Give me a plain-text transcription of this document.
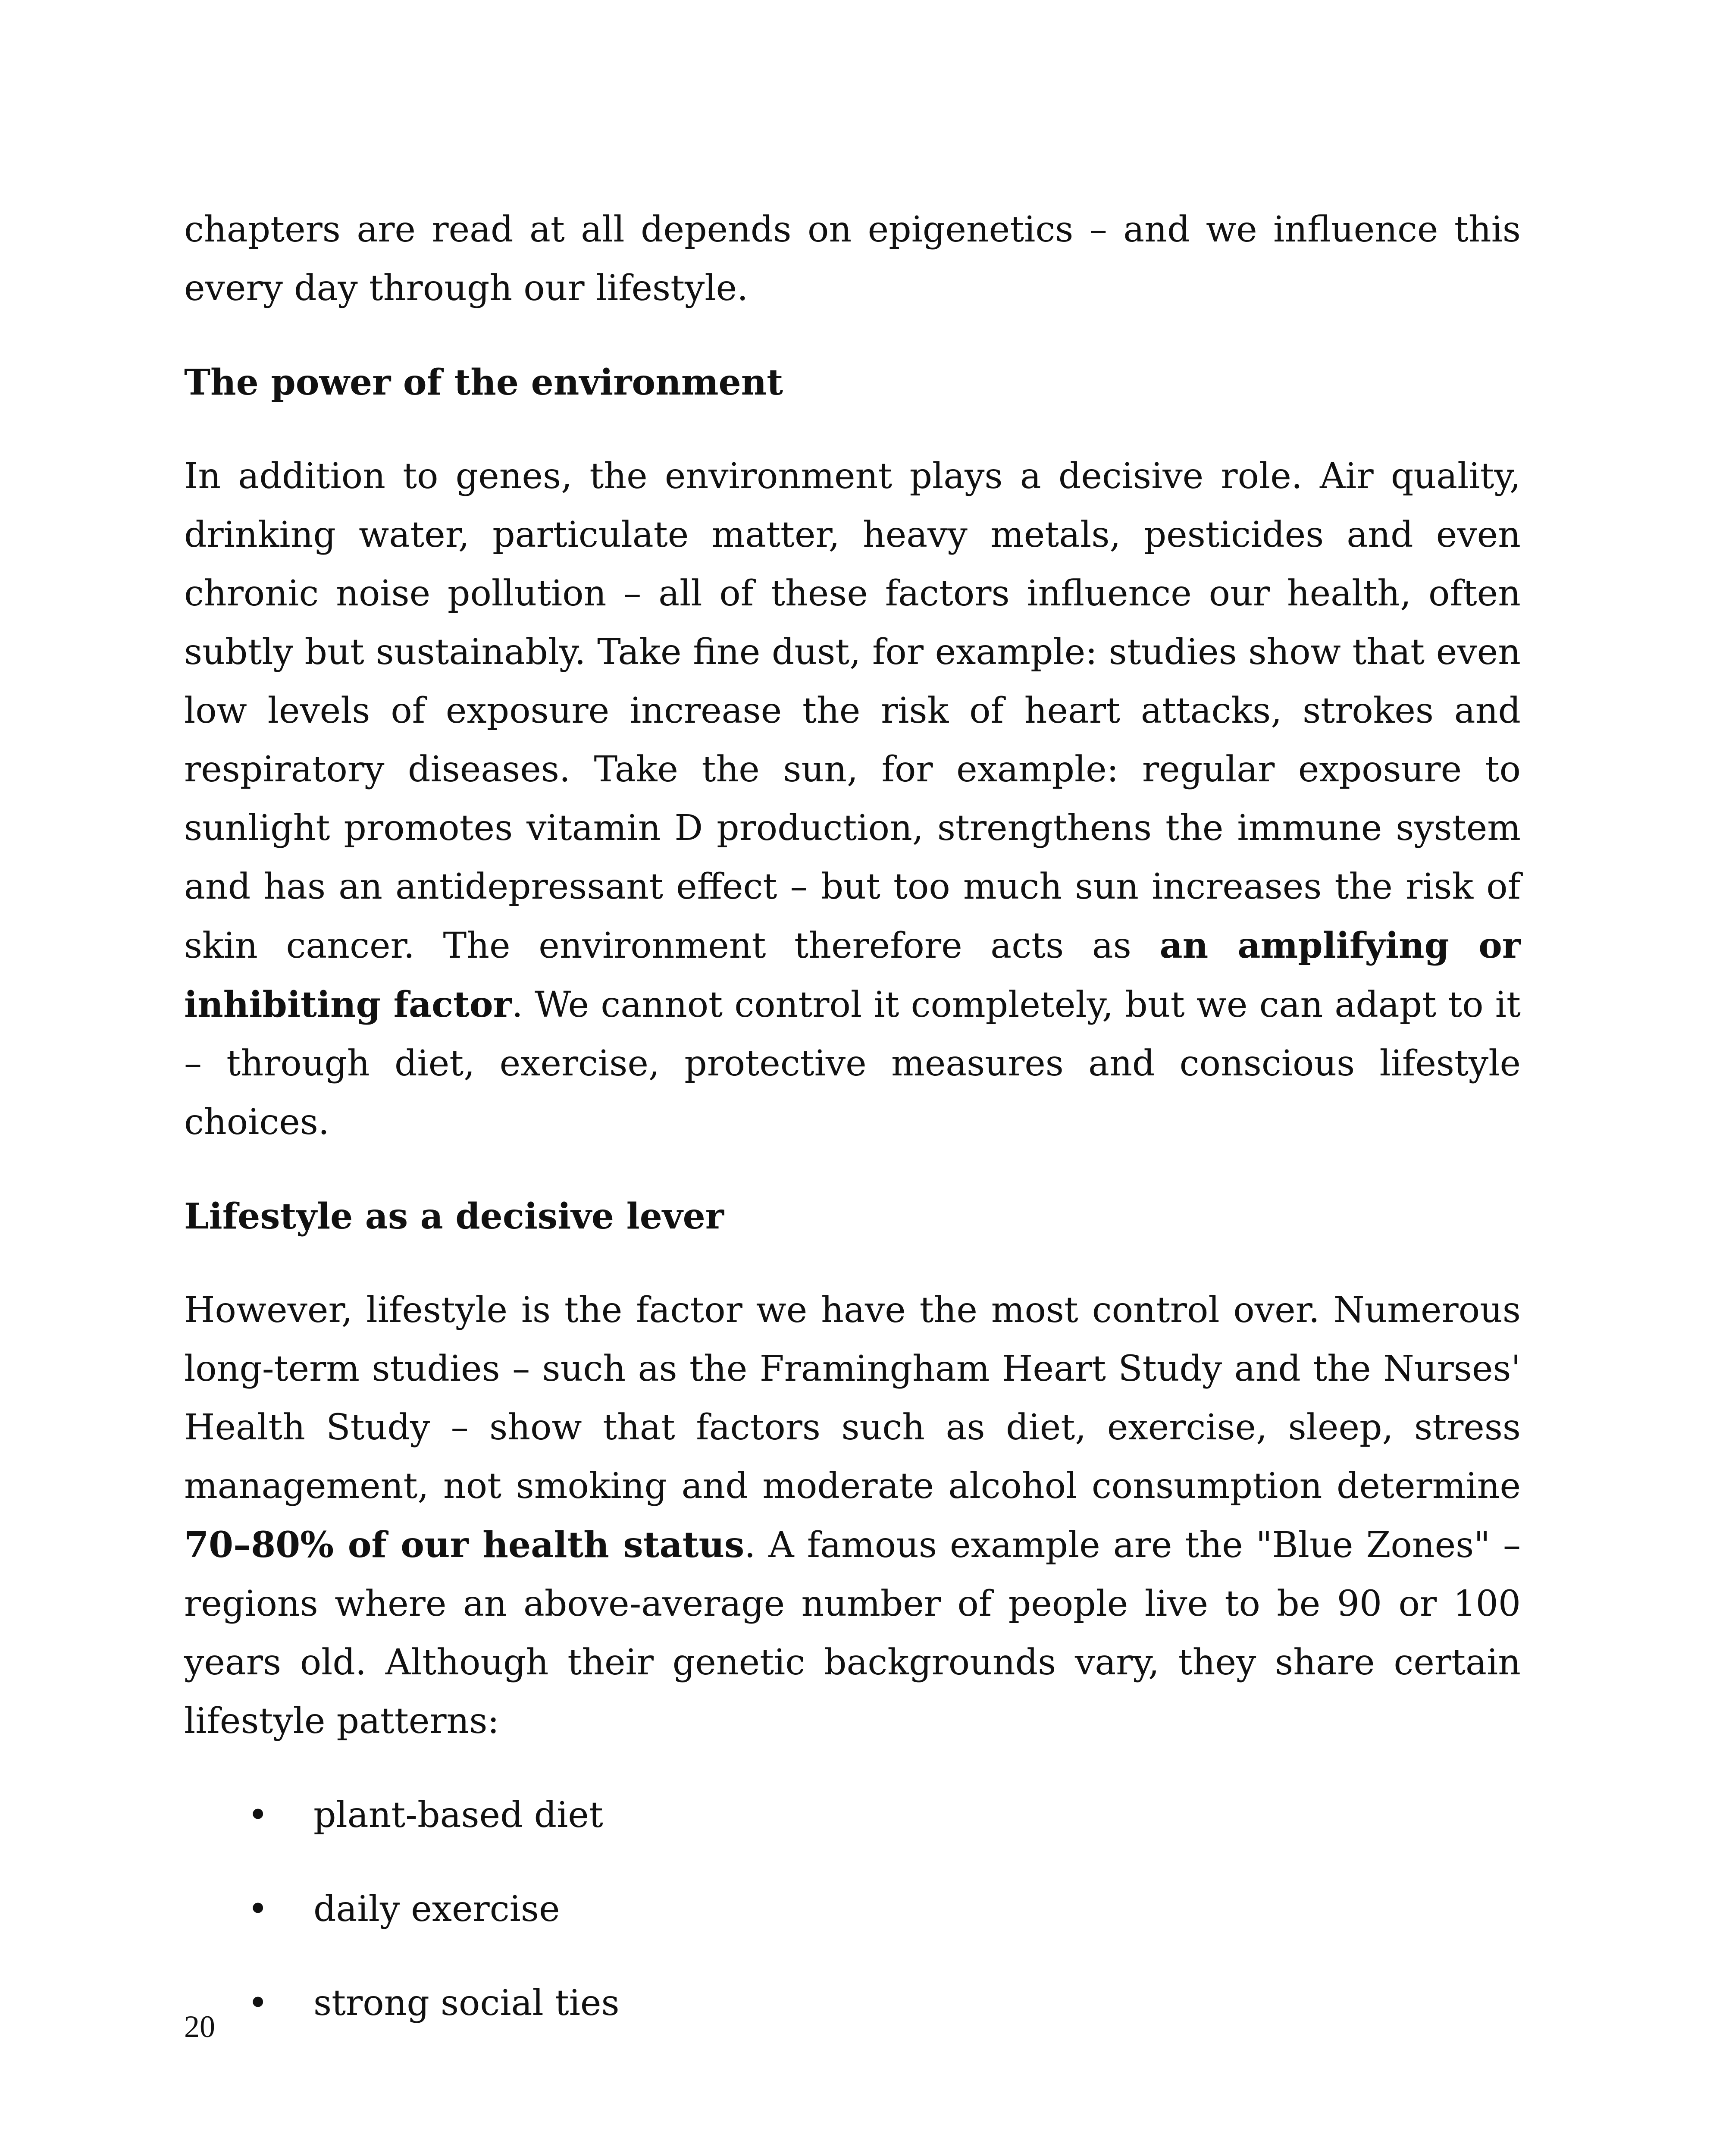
chapters are read at all depends on epigenetics – and we influence this every day through our lifestyle.

The power of the environment

In addition to genes, the environment plays a decisive role. Air quality, drinking water, particulate matter, heavy metals, pesticides and even chronic noise pollution – all of these factors influence our health, often subtly but sustainably. Take fine dust, for example: studies show that even low levels of exposure increase the risk of heart attacks, strokes and respiratory diseases. Take the sun, for example: regular exposure to sunlight promotes vitamin D production, strengthens the immune system and has an antidepressant effect – but too much sun increases the risk of skin cancer. The environment therefore acts as an amplifying or inhibiting factor. We cannot control it completely, but we can adapt to it – through diet, exercise, protective measures and conscious lifestyle choices.

Lifestyle as a decisive lever

However, lifestyle is the factor we have the most control over. Numerous long-term studies – such as the Framingham Heart Study and the Nurses' Health Study – show that factors such as diet, exercise, sleep, stress management, not smoking and moderate alcohol consumption determine 70–80% of our health status. A famous example are the "Blue Zones" – regions where an above-average number of people live to be 90 or 100 years old. Although their genetic backgrounds vary, they share certain lifestyle patterns:

• plant-based diet
• daily exercise
• strong social ties
20
